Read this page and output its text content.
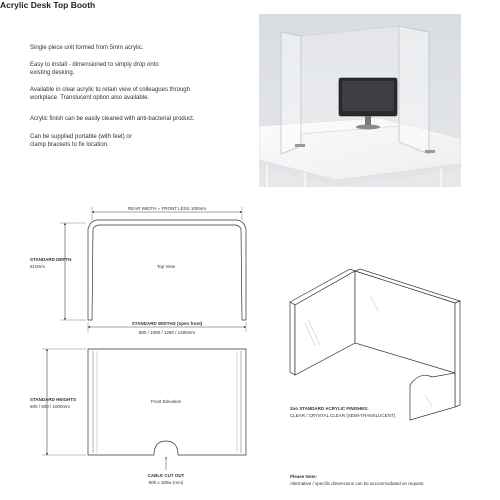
Acrylic Desk Top Booth
Single piece unit formed from 5mm acrylic.
Easy to install - dimensioned to simply drop onto
existing desking.
Available in clear acrylic to retain view of colleagues through
workplace. Translucent option also available.
Acrylic finish can be easily cleaned with anti-bacterial product.
Can be supplied portable (with feet) or
clamp brackets to fix location.
REAR WIDTH = FRONT LESS 100mm
Top View
STANDARD DEPTH
810mm
STANDARD WIDTHS (open front)
880 / 1080 / 1280 / 1480mm
Front Elevation
STANDARD HEIGHTS
600 / 800 / 1000mm
CABLE CUT OUT
80h x 180w (mm)
2no STANDARD ACRYLIC FINISHES:
CLEAR / CRYSTAL CLEAR (SEMI-TRANSLUCENT)
Please Note:
Alternative / specific dimensions can be accommodated on request.
